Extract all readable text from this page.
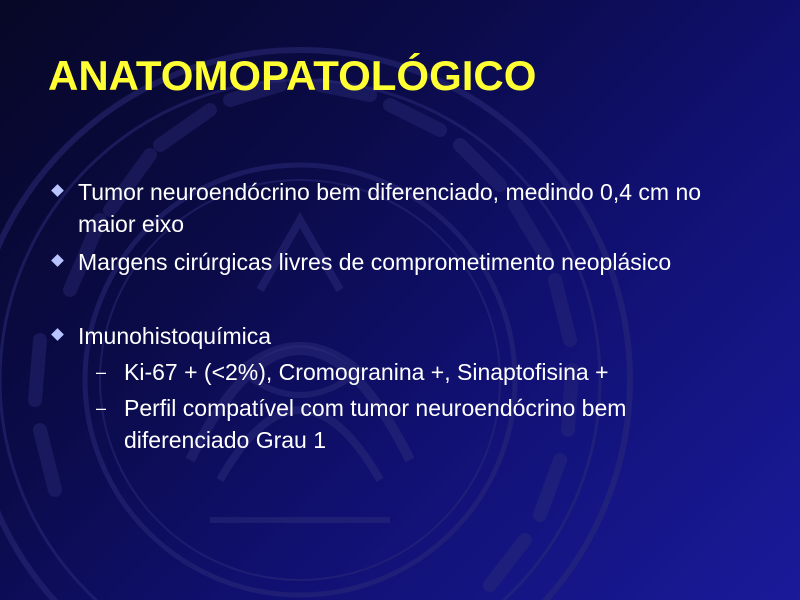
ANATOMOPATOLÓGICO
Tumor neuroendócrino bem diferenciado, medindo 0,4 cm no maior eixo
Margens cirúrgicas livres de comprometimento neoplásico
Imunohistoquímica
– Ki-67 + (<2%), Cromogranina +, Sinaptofisina +
– Perfil compatível com tumor neuroendócrino bem diferenciado Grau 1
